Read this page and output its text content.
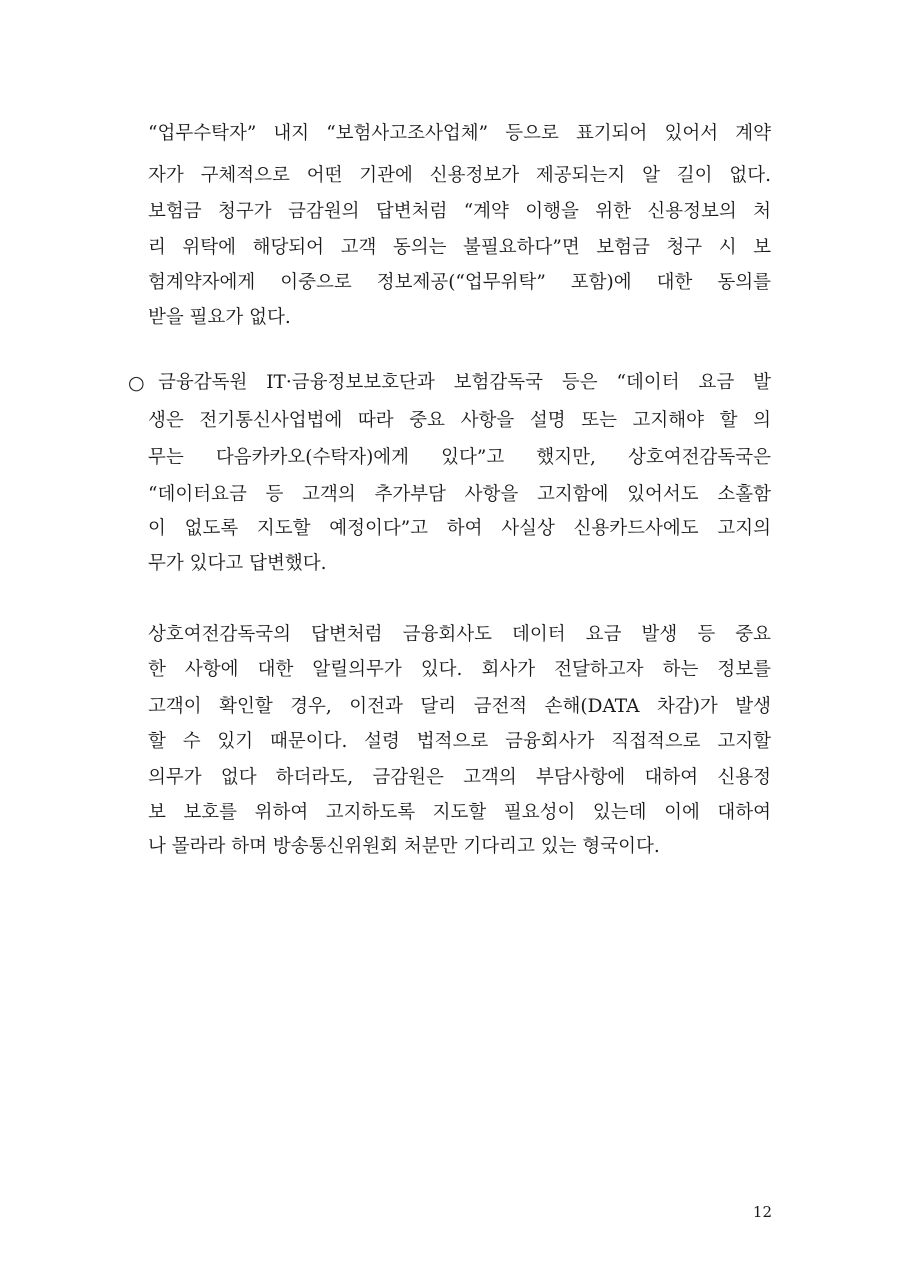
“업무수탁자” 내지 “보험사고조사업체” 등으로 표기되어 있어서 계약
자가 구체적으로 어떤 기관에 신용정보가 제공되는지 알 길이 없다.
보험금 청구가 금감원의 답변처럼 “계약 이행을 위한 신용정보의 처
리 위탁에 해당되어 고객 동의는 불필요하다”면 보험금 청구 시 보
험계약자에게 이중으로 정보제공(“업무위탁” 포함)에 대한 동의를
받을 필요가 없다.
○ 금융감독원 IT·금융정보보호단과 보험감독국 등은 “데이터 요금 발
생은 전기통신사업법에 따라 중요 사항을 설명 또는 고지해야 할 의
무는 다음카카오(수탁자)에게 있다”고 했지만, 상호여전감독국은
“데이터요금 등 고객의 추가부담 사항을 고지함에 있어서도 소홀함
이 없도록 지도할 예정이다”고 하여 사실상 신용카드사에도 고지의
무가 있다고 답변했다.
상호여전감독국의 답변처럼 금융회사도 데이터 요금 발생 등 중요
한 사항에 대한 알릴의무가 있다. 회사가 전달하고자 하는 정보를
고객이 확인할 경우, 이전과 달리 금전적 손해(DATA 차감)가 발생
할 수 있기 때문이다. 설령 법적으로 금융회사가 직접적으로 고지할
의무가 없다 하더라도, 금감원은 고객의 부담사항에 대하여 신용정
보 보호를 위하여 고지하도록 지도할 필요성이 있는데 이에 대하여
나 몰라라 하며 방송통신위원회 처분만 기다리고 있는 형국이다.
12
